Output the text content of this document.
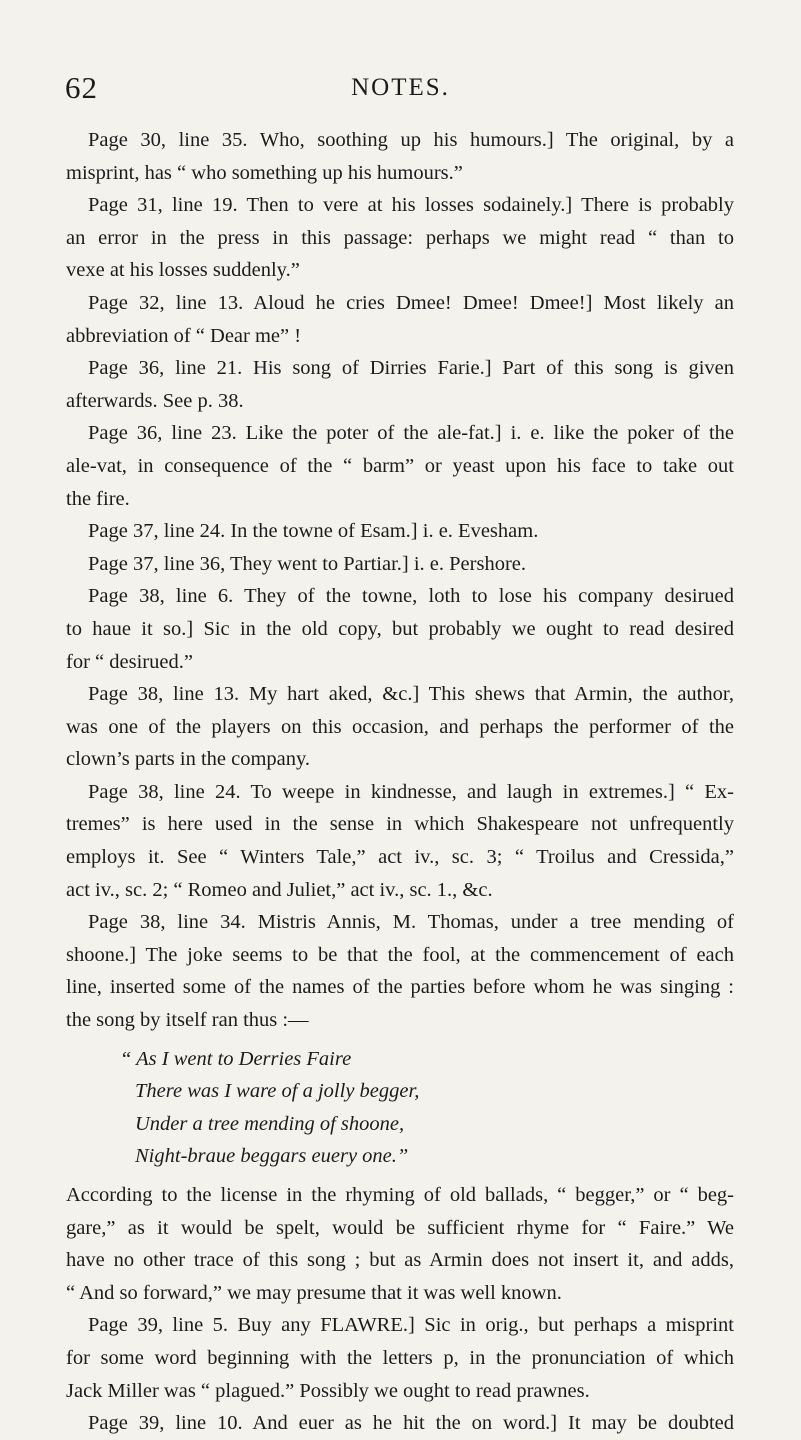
62	NOTES.
Page 30, line 35. Who, soothing up his humours.] The original, by a
misprint, has “ who something up his humours.”
Page 31, line 19. Then to vere at his losses sodainely.] There is probably
an error in the press in this passage: perhaps we might read “ than to
vexe at his losses suddenly.”
Page 32, line 13. Aloud he cries Dmee! Dmee! Dmee!] Most likely an
abbreviation of “ Dear me” !
Page 36, line 21. His song of Dirries Farie.] Part of this song is given
afterwards. See p. 38.
Page 36, line 23. Like the poter of the ale-fat.] i. e. like the poker of the
ale-vat, in consequence of the “ barm” or yeast upon his face to take out
the fire.
Page 37, line 24. In the towne of Esam.] i. e. Evesham.
Page 37, line 36, They went to Partiar.] i. e. Pershore.
Page 38, line 6. They of the towne, loth to lose his company desirued
to haue it so.] Sic in the old copy, but probably we ought to read desired
for “ desirued.”
Page 38, line 13. My hart aked, &c.] This shews that Armin, the author,
was one of the players on this occasion, and perhaps the performer of the
clown’s parts in the company.
Page 38, line 24. To weepe in kindnesse, and laugh in extremes.] “ Ex-
tremes” is here used in the sense in which Shakespeare not unfrequently
employs it. See “ Winters Tale,” act iv., sc. 3; “ Troilus and Cressida,”
act iv., sc. 2; “ Romeo and Juliet,” act iv., sc. 1., &c.
Page 38, line 34. Mistris Annis, M. Thomas, under a tree mending of
shoone.] The joke seems to be that the fool, at the commencement of each
line, inserted some of the names of the parties before whom he was singing :
the song by itself ran thus :—
“ As I went to Derries Faire
There was I ware of a jolly begger,
Under a tree mending of shoone,
Night-braue beggars euery one.”
According to the license in the rhyming of old ballads, “ begger,” or “ beg-
gare,” as it would be spelt, would be sufficient rhyme for “ Faire.” We
have no other trace of this song ; but as Armin does not insert it, and adds,
“ And so forward,” we may presume that it was well known.
Page 39, line 5. Buy any FLAWRE.] Sic in orig., but perhaps a misprint
for some word beginning with the letters p, in the pronunciation of which
Jack Miller was “ plagued.” Possibly we ought to read prawnes.
Page 39, line 10. And euer as he hit the on word.] It may be doubted
